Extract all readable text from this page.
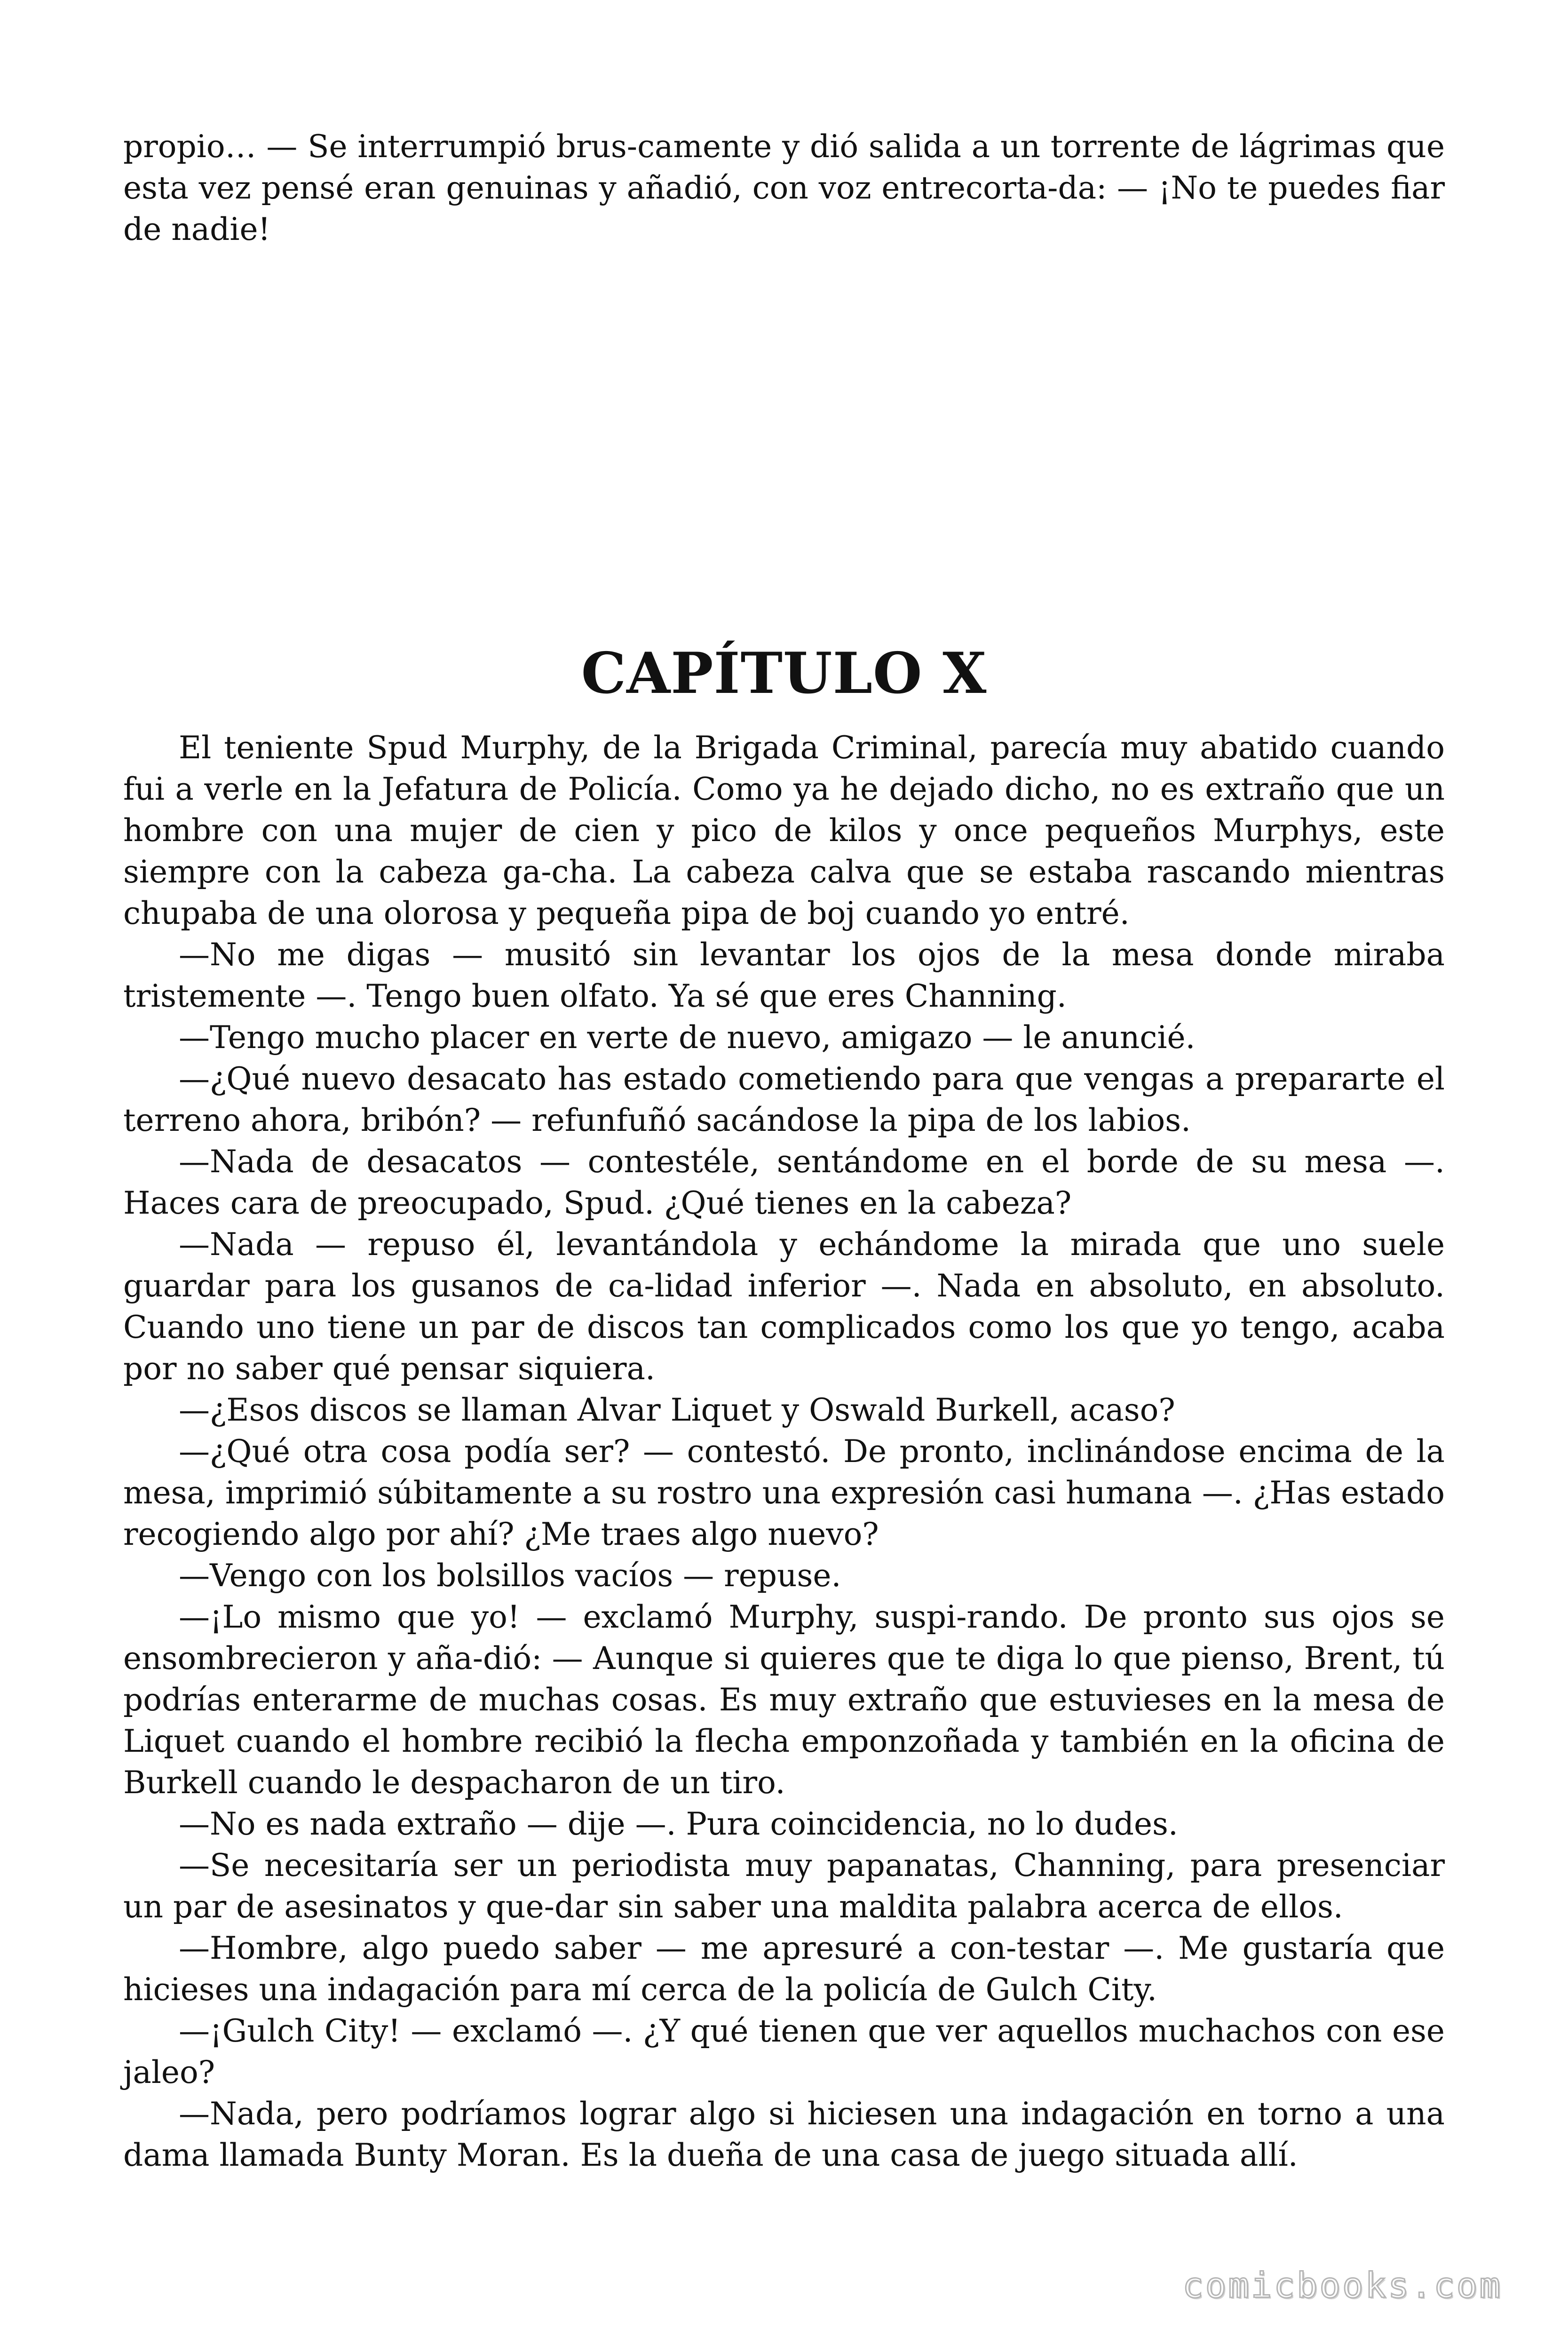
propio… — Se interrumpió brus-camente y dió salida a un torrente de lágrimas que esta vez pensé eran genuinas y añadió, con voz entrecorta-da: — ¡No te puedes fiar de nadie!

CAPÍTULO X

El teniente Spud Murphy, de la Brigada Criminal, parecía muy abatido cuando fui a verle en la Jefatura de Policía. Como ya he dejado dicho, no es extraño que un hombre con una mujer de cien y pico de kilos y once pequeños Murphys, este siempre con la cabeza ga-cha. La cabeza calva que se estaba rascando mientras chupaba de una olorosa y pequeña pipa de boj cuando yo entré.

—No me digas — musitó sin levantar los ojos de la mesa donde miraba tristemente —. Tengo buen olfato. Ya sé que eres Channing.

—Tengo mucho placer en verte de nuevo, amigazo — le anuncié.

—¿Qué nuevo desacato has estado cometiendo para que vengas a prepararte el terreno ahora, bribón? — refunfuñó sacándose la pipa de los labios.

—Nada de desacatos — contestéle, sentándome en el borde de su mesa —. Haces cara de preocupado, Spud. ¿Qué tienes en la cabeza?

—Nada — repuso él, levantándola y echándome la mirada que uno suele guardar para los gusanos de ca-lidad inferior —. Nada en absoluto, en absoluto. Cuando uno tiene un par de discos tan complicados como los que yo tengo, acaba por no saber qué pensar siquiera.

—¿Esos discos se llaman Alvar Liquet y Oswald Burkell, acaso?

—¿Qué otra cosa podía ser? — contestó. De pronto, inclinándose encima de la mesa, imprimió súbitamente a su rostro una expresión casi humana —. ¿Has estado recogiendo algo por ahí? ¿Me traes algo nuevo?

—Vengo con los bolsillos vacíos — repuse.

—¡Lo mismo que yo! — exclamó Murphy, suspi-rando. De pronto sus ojos se ensombrecieron y aña-dió: — Aunque si quieres que te diga lo que pienso, Brent, tú podrías enterarme de muchas cosas. Es muy extraño que estuvieses en la mesa de Liquet cuando el hombre recibió la flecha emponzoñada y también en la oficina de Burkell cuando le despacharon de un tiro.

—No es nada extraño — dije —. Pura coincidencia, no lo dudes.

—Se necesitaría ser un periodista muy papanatas, Channing, para presenciar un par de asesinatos y que-dar sin saber una maldita palabra acerca de ellos.

—Hombre, algo puedo saber — me apresuré a con-testar —. Me gustaría que hicieses una indagación para mí cerca de la policía de Gulch City.

—¡Gulch City! — exclamó —. ¿Y qué tienen que ver aquellos muchachos con ese jaleo?

—Nada, pero podríamos lograr algo si hiciesen una indagación en torno a una dama llamada Bunty Moran. Es la dueña de una casa de juego situada allí.

comicbooks.com
